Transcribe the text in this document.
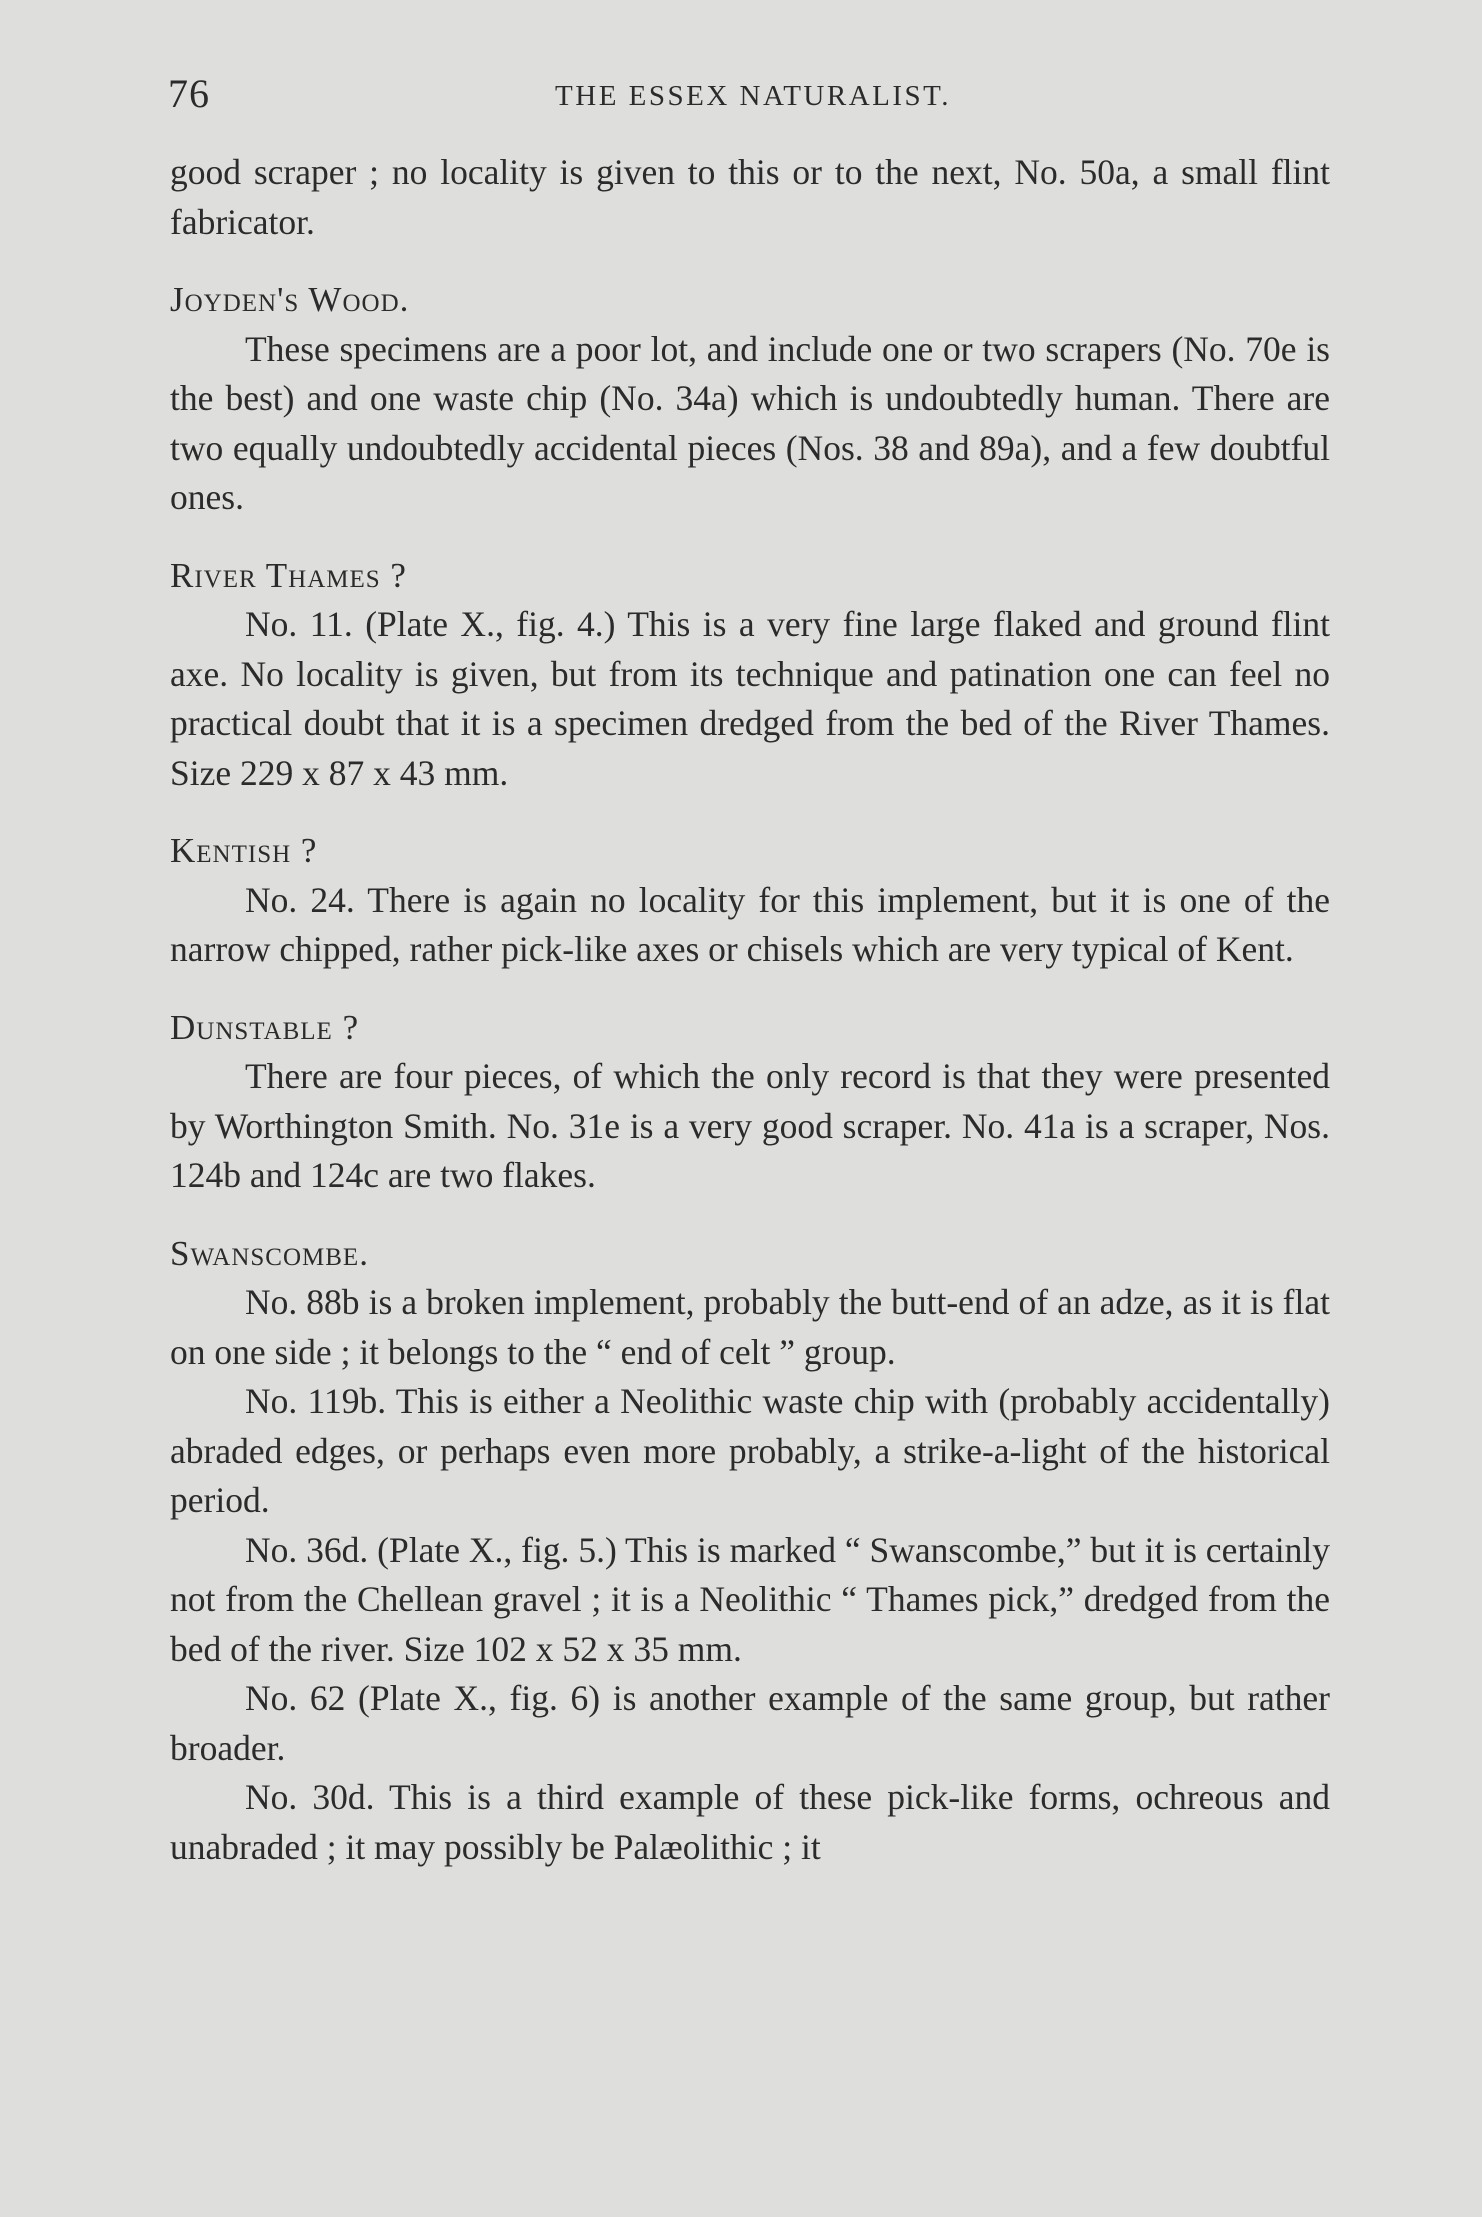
76	THE ESSEX NATURALIST.

good scraper ; no locality is given to this or to the next, No. 50a, a small flint fabricator.

Joyden's Wood.

These specimens are a poor lot, and include one or two scrapers (No. 70e is the best) and one waste chip (No. 34a) which is undoubtedly human. There are two equally undoubtedly accidental pieces (Nos. 38 and 89a), and a few doubtful ones.

River Thames ?

No. 11. (Plate X., fig. 4.) This is a very fine large flaked and ground flint axe. No locality is given, but from its technique and patination one can feel no practical doubt that it is a specimen dredged from the bed of the River Thames. Size 229 x 87 x 43 mm.

Kentish ?

No. 24. There is again no locality for this implement, but it is one of the narrow chipped, rather pick-like axes or chisels which are very typical of Kent.

Dunstable ?

There are four pieces, of which the only record is that they were presented by Worthington Smith. No. 31e is a very good scraper. No. 41a is a scraper, Nos. 124b and 124c are two flakes.

Swanscombe.

No. 88b is a broken implement, probably the butt-end of an adze, as it is flat on one side ; it belongs to the “ end of celt ” group.

No. 119b. This is either a Neolithic waste chip with (probably accidentally) abraded edges, or perhaps even more probably, a strike-a-light of the historical period.

No. 36d. (Plate X., fig. 5.) This is marked “ Swanscombe,” but it is certainly not from the Chellean gravel ; it is a Neolithic “ Thames pick,” dredged from the bed of the river. Size 102 x 52 x 35 mm.

No. 62 (Plate X., fig. 6) is another example of the same group, but rather broader.

No. 30d. This is a third example of these pick-like forms, ochreous and unabraded ; it may possibly be Palæolithic ; it
